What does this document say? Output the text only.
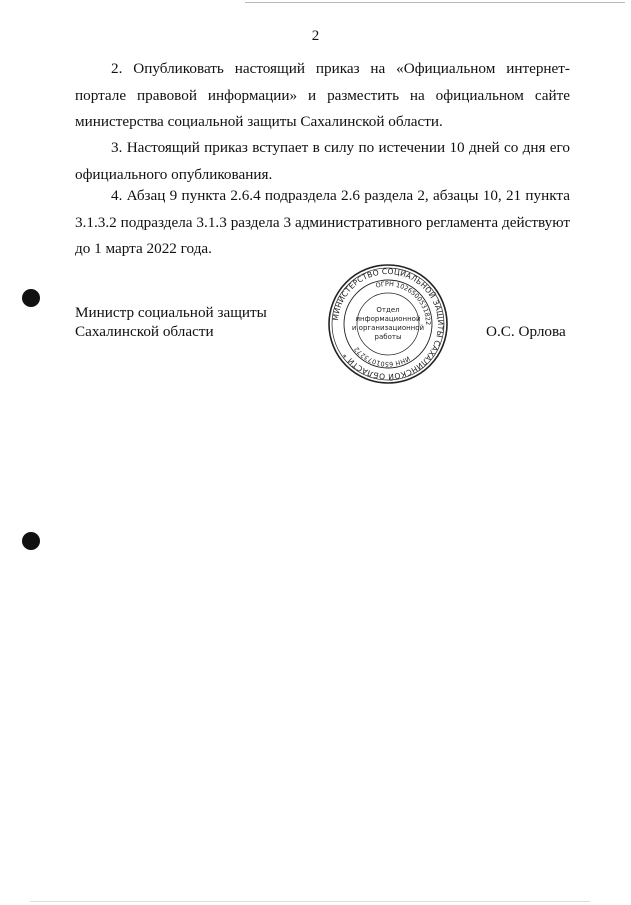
2
2. Опубликовать настоящий приказ на «Официальном интернет-
портале правовой информации» и разместить на официальном сайте
министерства социальной защиты Сахалинской области.
3. Настоящий приказ вступает в силу по истечении 10 дней со дня его
официального опубликования.
4. Абзац 9 пункта 2.6.4 подраздела 2.6 раздела 2, абзацы 10, 21 пункта
3.1.3.2 подраздела 3.1.3 раздела 3 административного регламента действуют
до 1 марта 2022 года.
Министр социальной защиты
Сахалинской области
МИНИСТЕРСТВО СОЦИАЛЬНОЙ ЗАЩИТЫ САХАЛИНСКОЙ ОБЛАСТИ *
ОГРН 1026500531822
ИНН 6501073272
Отдел
информационной
и организационной
работы	О.С. Орлова
